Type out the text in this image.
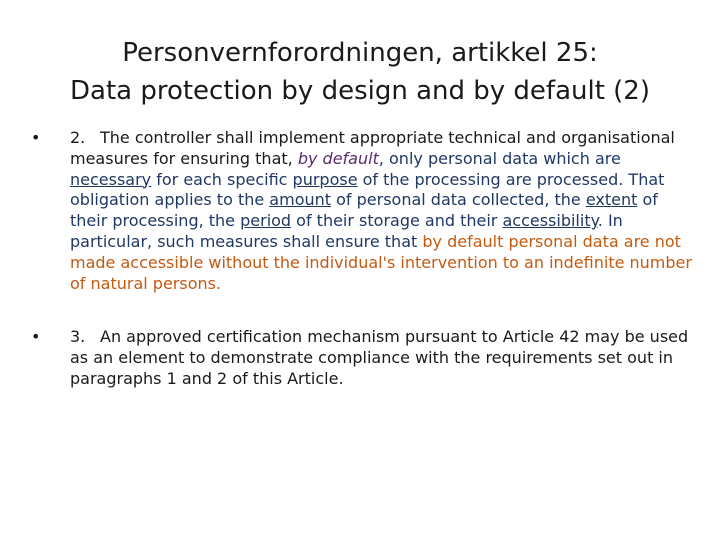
Personvernforordningen, artikkel 25:
Data protection by design and by default (2)
• 2. The controller shall implement appropriate technical and organisational measures for ensuring that, by default, only personal data which are necessary for each specific purpose of the processing are processed. That obligation applies to the amount of personal data collected, the extent of their processing, the period of their storage and their accessibility. In particular, such measures shall ensure that by default personal data are not made accessible without the individual's intervention to an indefinite number of natural persons.
• 3. An approved certification mechanism pursuant to Article 42 may be used as an element to demonstrate compliance with the requirements set out in paragraphs 1 and 2 of this Article.
